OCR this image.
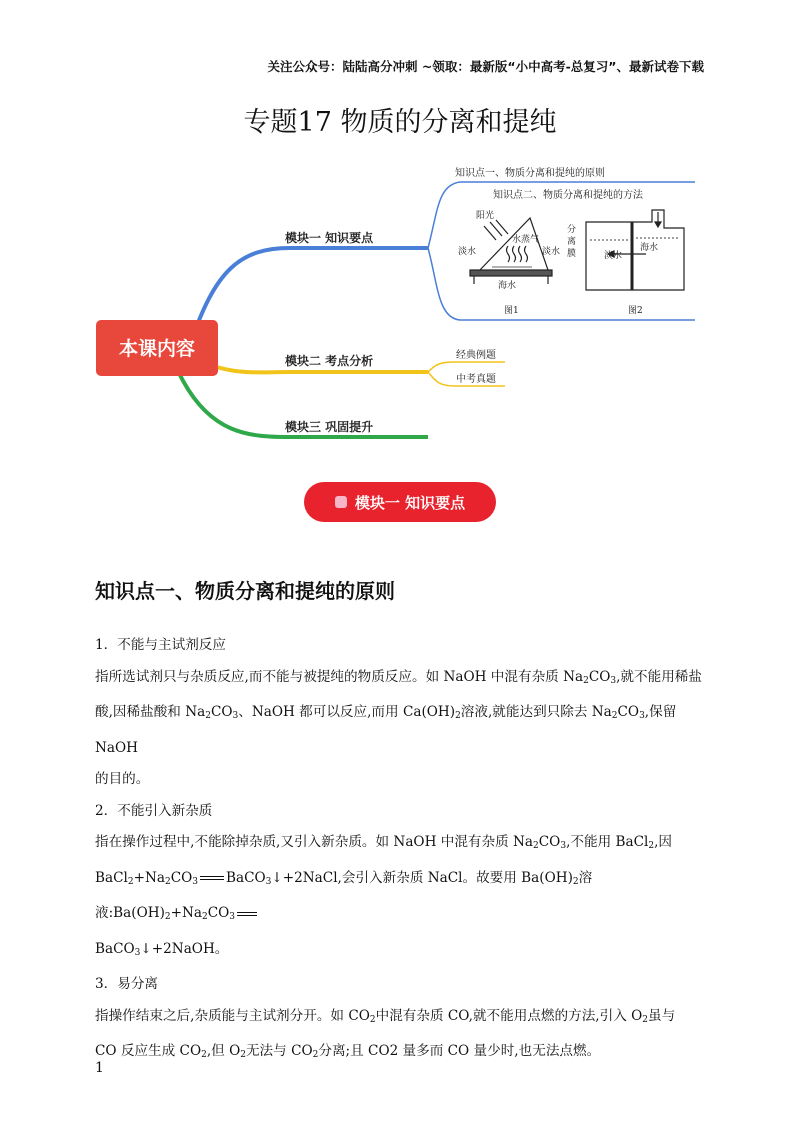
关注公众号：陆陆高分冲刺 ~领取：最新版“小中高考-总复习”、最新试卷下载
专题17 物质的分离和提纯
本课内容
模块一 知识要点
模块二 考点分析
模块三 巩固提升
知识点一、物质分离和提纯的原则
知识点二、物质分离和提纯的方法
经典例题
中考真题
阳光
水蒸气
淡水	淡水
海水
图1
分
离
膜	淡水
海水
图2
模块一 知识要点
知识点一、物质分离和提纯的原则

1．不能与主试剂反应

指所选试剂只与杂质反应,而不能与被提纯的物质反应。如 NaOH 中混有杂质 $Na_2CO_3$,就不能用稀盐
酸,因稀盐酸和 $Na_2CO_3$、NaOH 都可以反应,而用 $Ca(OH)_2$溶液,就能达到只除去 $Na_2CO_3$,保留 NaOH
的目的。

2．不能引入新杂质

指在操作过程中,不能除掉杂质,又引入新杂质。如 NaOH 中混有杂质 $Na_2CO_3$,不能用 BaCl$_2$,因
$BaCl_2+Na_2CO_3$ BaCO$_3$↓+2NaCl,会引入新杂质 NaCl。故要用 $Ba(OH)_2$溶液$:Ba(OH)_2+Na_2CO_3$
BaCO$_3$↓+2NaOH。

3．易分离

指操作结束之后,杂质能与主试剂分开。如 $CO_2$中混有杂质 CO,就不能用点燃的方法,引入 $O_2$虽与
CO 反应生成 $CO_2$,但 $O_2$无法与 $CO_2$分离;且 CO2 量多而 CO 量少时,也无法点燃。

1
